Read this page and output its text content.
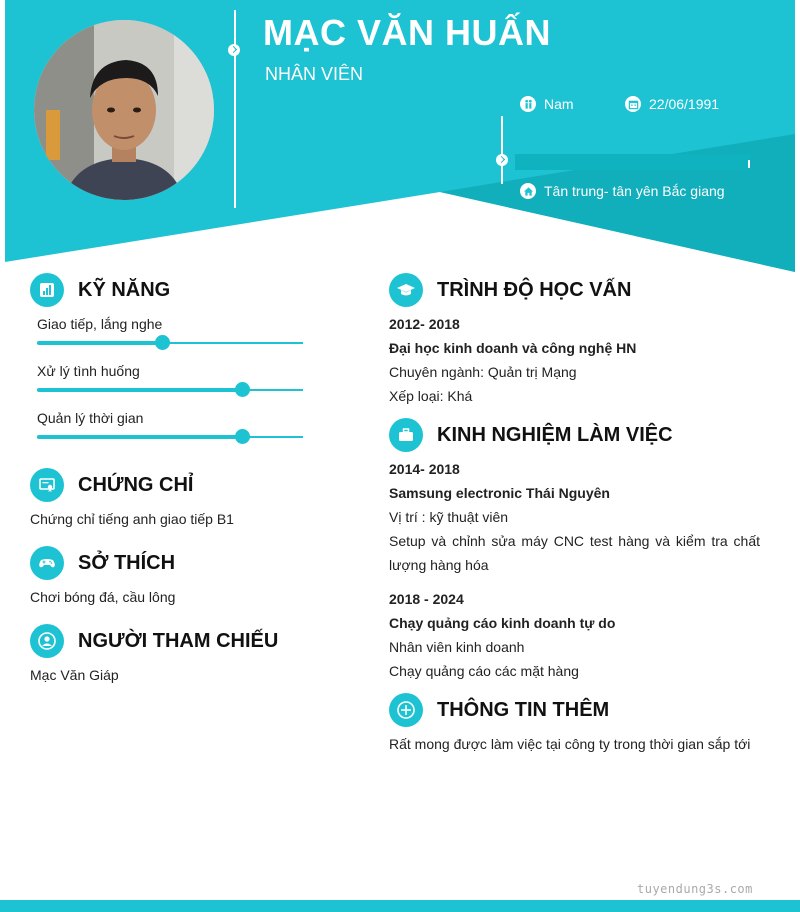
MẠC VĂN HUẤN
NHÂN VIÊN
Nam	22/06/1991
Tân trung- tân yên Bắc giang
KỸ NĂNG
Giao tiếp, lắng nghe
Xử lý tình huống
Quản lý thời gian
CHỨNG CHỈ
Chứng chỉ tiếng anh giao tiếp B1
SỞ THÍCH
Chơi bóng đá, cầu lông
NGƯỜI THAM CHIẾU
Mạc Văn Giáp
TRÌNH ĐỘ HỌC VẤN
2012- 2018
Đại học kinh doanh và công nghệ HN
Chuyên ngành: Quản trị Mạng
Xếp loại: Khá
KINH NGHIỆM LÀM VIỆC
2014- 2018
Samsung electronic Thái Nguyên
Vị trí : kỹ thuật viên
Setup và chỉnh sửa máy CNC test hàng và kiểm tra chất lượng hàng hóa
2018 - 2024
Chạy quảng cáo kinh doanh tự do
Nhân viên kinh doanh
Chạy quảng cáo các mặt hàng
THÔNG TIN THÊM
Rất mong được làm việc tại công ty trong thời gian sắp tới
tuyendung3s.com
